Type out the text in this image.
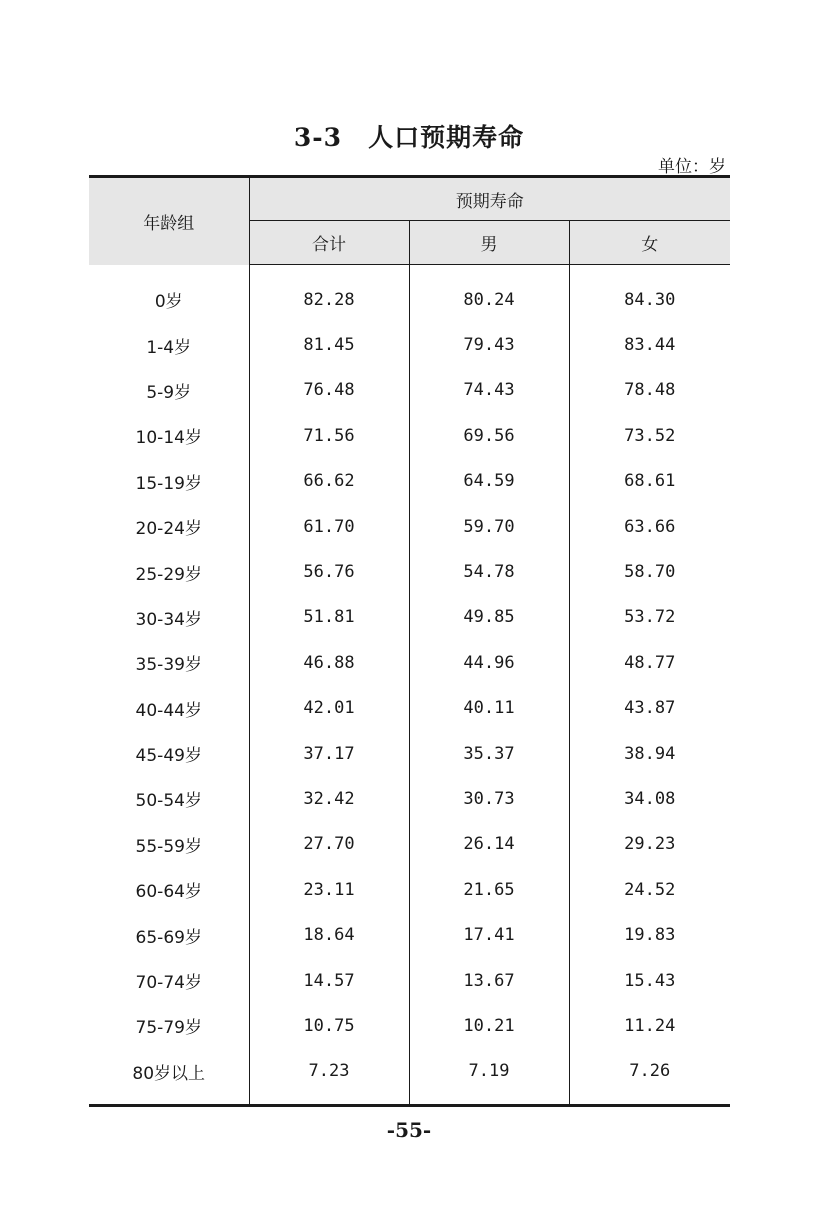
3-3　人口预期寿命
单位：岁
年龄组	预期寿命		
	合计	男	女
0岁	82.28	80.24	84.30
1-4岁	81.45	79.43	83.44
5-9岁	76.48	74.43	78.48
10-14岁	71.56	69.56	73.52
15-19岁	66.62	64.59	68.61
20-24岁	61.70	59.70	63.66
25-29岁	56.76	54.78	58.70
30-34岁	51.81	49.85	53.72
35-39岁	46.88	44.96	48.77
40-44岁	42.01	40.11	43.87
45-49岁	37.17	35.37	38.94
50-54岁	32.42	30.73	34.08
55-59岁	27.70	26.14	29.23
60-64岁	23.11	21.65	24.52
65-69岁	18.64	17.41	19.83
70-74岁	14.57	13.67	15.43
75-79岁	10.75	10.21	11.24
80岁以上	7.23	7.19	7.26
-55-
